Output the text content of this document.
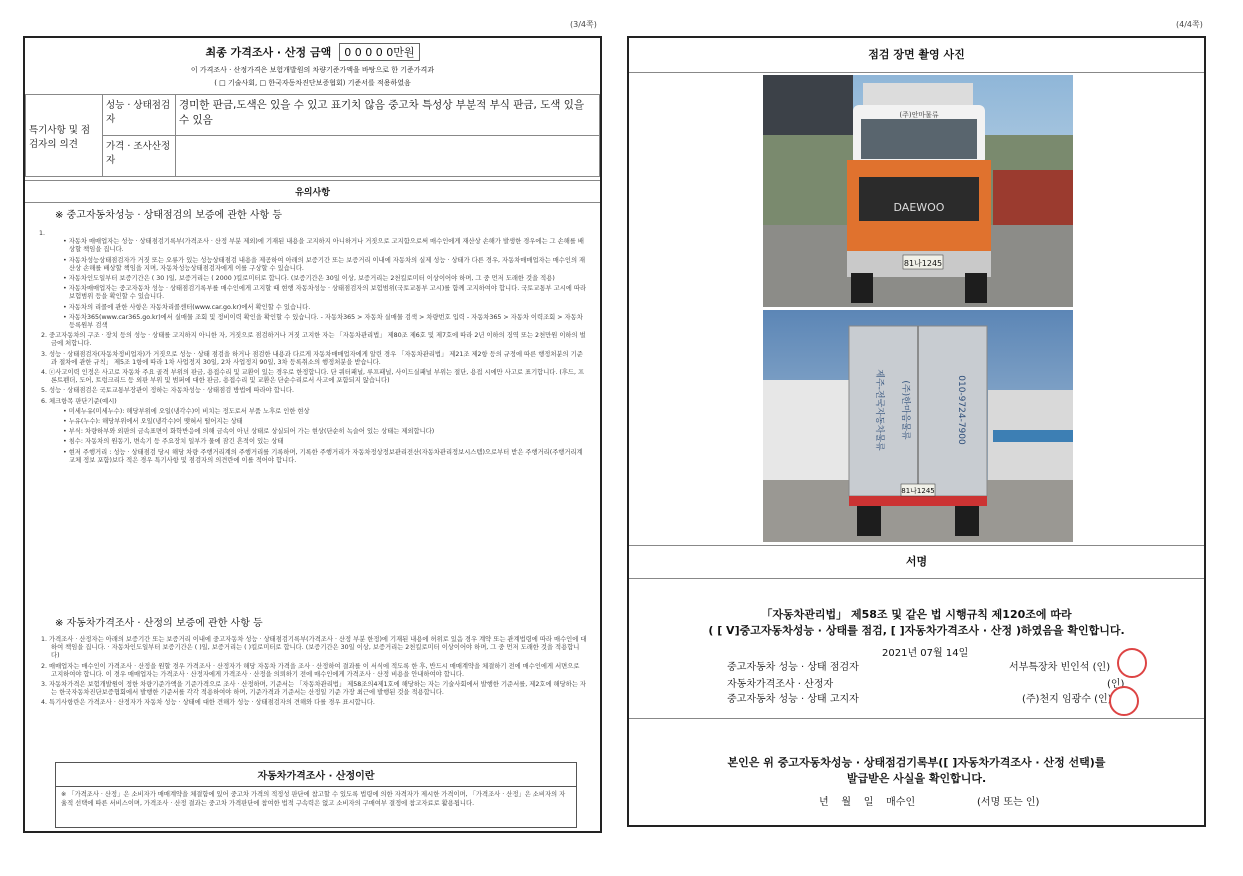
(3/4쪽)
최종 가격조사 · 산정 금액 0 0 0 0 0만원
이 가격조사 · 산정가격은 보험개발원의 차량기준가액을 바탕으로 한 기준가격과
( □ 기술사회, □ 한국자동차진단보증협회) 기준서를 적용하였음
특기사항 및 점검자의 의견	성능 · 상태점검자	경미한 판금,도색은 있을 수 있고 표기치 않음 중고차 특성상 부분적 부식 판금, 도색 있을 수 있음
	가격 · 조사산정자	
유의사항
※ 중고자동차성능 · 상태점검의 보증에 관한 사항 등
1.
• 자동차 매매업자는 성능 · 상태점검기록부(가격조사 · 산정 부분 제외)에 기재된 내용을 고지하지 아니하거나 거짓으로 고지함으로써 매수인에게 재산상 손해가 발생한 경우에는 그 손해를 배상할 책임을 집니다.
• 자동차성능상태점검자가 거짓 또는 오류가 있는 성능상태점검 내용을 제공하여 아래의 보증기간 또는 보증거리 이내에 자동차의 실제 성능 · 상태가 다른 경우, 자동차매매업자는 매수인의 재산상 손해를 배상할 책임을 지며, 자동차성능상태점검자에게 이를 구상할 수 있습니다.
• 자동차인도일부터 보증기간은 ( 30 )일, 보증거리는 ( 2000 )킬로미터로 합니다. (보증기간은 30일 이상, 보증거리는 2천킬로미터 이상이어야 하며, 그 중 먼저 도래한 것을 적용)
• 자동차매매업자는 중고자동차 성능 · 상태점검기록부를 매수인에게 고지할 때 현행 자동차성능 · 상태점검자의 보험범위(국토교통부 고시)를 함께 고지하여야 합니다. 국토교통부 고시에 따라 보험범위 등을 확인할 수 있습니다.
• 자동차의 리콜에 관한 사항은 자동차리콜센터(www.car.go.kr)에서 확인할 수 있습니다.
• 자동차365(www.car365.go.kr)에서 실매물 조회 및 정비이력 확인을 확인할 수 있습니다. - 자동차365 > 자동차 실매물 검색 > 차량번호 입력 - 자동차365 > 자동차 이력조회 > 자동차등록원부 검색
2. 중고자동차의 구조 · 장치 등의 성능 · 상태를 고지하지 아니한 자, 거짓으로 점검하거나 거짓 고지한 자는 「자동차관리법」 제80조 제6호 및 제7호에 따라 2년 이하의 징역 또는 2천만원 이하의 벌금에 처합니다.
3. 성능 · 상태점검자(자동차정비업자)가 거짓으로 성능 · 상태 점검을 하거나 점검한 내용과 다르게 자동차매매업자에게 알린 경우 「자동차관리법」 제21조 제2항 등의 규정에 따른 행정처분의 기준과 절차에 관한 규칙」 제5조 1항에 따라 1차 사업정지 30일, 2차 사업정지 90일, 3차 등록취소의 행정처분을 받습니다.
4. ⓒ사고이력 인정은 사고로 자동차 주요 골격 부위의 판금, 용접수리 및 교환이 있는 경우로 한정합니다. 단 쿼터패널, 루프패널, 사이드실패널 부위는 절단, 용접 시에만 사고로 표기합니다. (후드, 프론트펜더, 도어, 트렁크리드 등 외판 부위 및 범퍼에 대한 판금, 용접수리 및 교환은 단순수리로서 사고에 포함되지 않습니다)
5. 성능 · 상태점검은 국토교통부장관이 정하는 자동차성능 · 상태점검 방법에 따라야 합니다.
6. 체크항목 판단기준(예시)
• 미세누유(미세누수): 해당부위에 오일(냉각수)이 비치는 정도로서 부품 노후로 인한 현상
• 누유(누수): 해당부위에서 오일(냉각수)이 맺혀서 떨어지는 상태
• 부식: 차량하부와 외판의 금속표면이 화학반응에 의해 금속이 아닌 상태로 상실되어 가는 현상(단순히 녹슬어 있는 상태는 제외합니다)
• 침수: 자동차의 원동기, 변속기 등 주요장치 일부가 물에 잠긴 흔적이 있는 상태
• 현저 주행거리 : 성능 · 상태점검 당시 해당 차량 주행거리계의 주행거리를 기록하며, 기록한 주행거리가 자동차정상정보관리전산(자동차관리정보시스템)으로부터 받은 주행거리(주행거리계 교체 정보 포함)보다 적은 경우 특기사항 및 점검자의 의견란에 이를 적어야 합니다.
※ 자동차가격조사 · 산정의 보증에 관한 사항 등
1. 가격조사 · 산정자는 아래의 보증기간 또는 보증거리 이내에 중고자동차 성능 · 상태점검기록부(가격조사 · 산정 부분 한정)에 기재된 내용에 허위로 있음 경우 계약 또는 관계법령에 따라 매수인에 대하여 책임을 집니다. · 자동차인도일부터 보증기간은 ( )일, 보증거리는 ( )킬로미터로 합니다. (보증기간은 30일 이상, 보증거리는 2천킬로미터 이상이어야 하며, 그 중 먼저 도래한 것을 적용합니다)
2. 매매업자는 매수인이 가격조사 · 산정을 원할 경우 가격조사 · 산정자가 해당 자동차 가격을 조사 · 산정하여 결과를 이 서식에 적도록 한 후, 반드시 매매계약을 체결하기 전에 매수인에게 서면으로 고지하여야 합니다. 이 경우 매매업자는 가격조사 · 산정자에게 가격조사 · 산정을 의뢰하기 전에 매수인에게 가격조사 · 산정 비용을 안내하여야 합니다.
3. 자동차가격은 보험개발원이 정한 차량기준가액을 기준가격으로 조사 · 산정하며, 기준서는 「자동차관리법」 제58조의4제1호에 해당하는 자는 기술사회에서 발행한 기준서를, 제2호에 해당하는 자는 한국자동차진단보증협회에서 발행한 기준서를 각각 적용하여야 하며, 기준가격과 기준서는 산정일 기준 가장 최근에 발행된 것을 적용합니다.
4. 특기사항란은 가격조사 · 산정자가 자동차 성능 · 상태에 대한 견해가 성능 · 상태점검자의 견해와 다를 경우 표시합니다.
자동차가격조사 · 산정이란
※ 「가격조사 · 산정」은 소비자가 매매계약을 체결함에 있어 중고차 가격의 적정성 판단에 참고할 수 있도록 법령에 의한 자격자가 제시한 가격이며, 「가격조사 · 산정」은 소비자의 자율적 선택에 따른 서비스이며, 가격조사 · 산정 결과는 중고차 가격판단에 참여한 법적 구속력은 없고 소비자의 구매여부 결정에 참고자료로 활용됩니다.
(4/4쪽)
점검 장면 촬영 사진
DAEWOO
(주)안마물류
81나1245
제주-전국자동차물류 (주)한마음물류	010-9724-7900
81나1245
서명
「자동차관리법」 제58조 및 같은 법 시행규칙 제120조에 따라
( [ V]중고자동차성능 · 상태를 점검, [ ]자동차가격조사 · 산정 )하였음을 확인합니다.
2021년 07월 14일
중고자동차 성능 · 상태 점검자	서부특장차 빈인석 (인)
자동차가격조사 · 산정자	(인)
중고자동차 성능 · 상태 고지자	(주)천지 임광수 (인)
본인은 위 중고자동차성능 · 상태점검기록부([ ]자동차가격조사 · 산정 선택)를
발급받은 사실을 확인합니다.
년    월    일    매수인	(서명 또는 인)
